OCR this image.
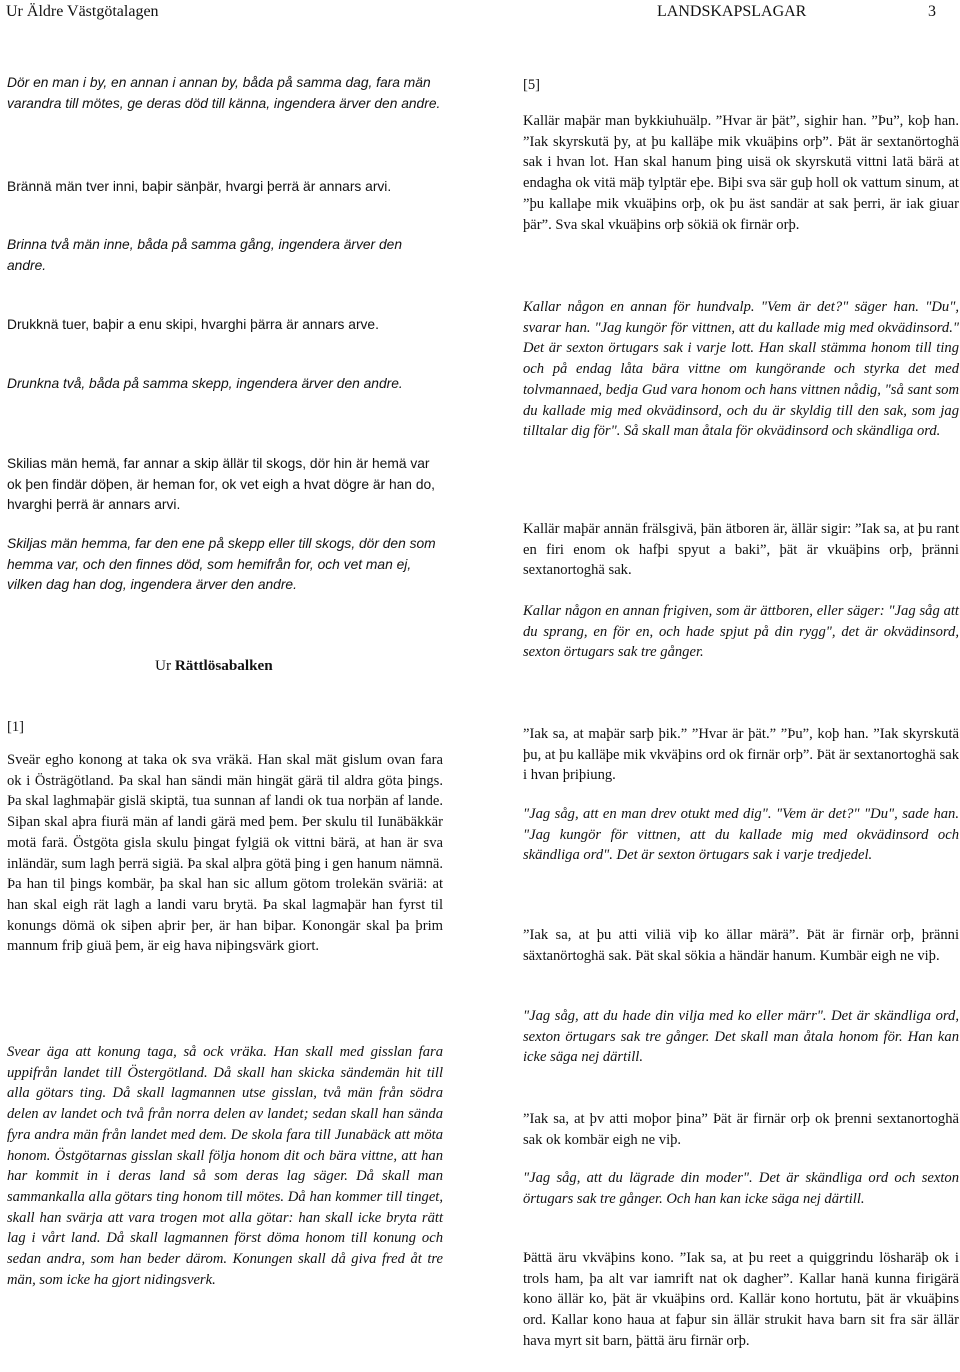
Ur Äldre Västgötalagen	LANDSKAPSLAGAR	3

Dör en man i by, en annan i annan by, båda på samma dag, fara män varandra till mötes, ge deras död till känna, ingendera ärver den andre.

Brännä män tver inni, baþir sänþär, hvargi þerrä är annars arvi.

Brinna två män inne, båda på samma gång, ingendera ärver den andre.

Drukknä tuer, baþir a enu skipi, hvarghi þärra är annars arve.

Drunkna två, båda på samma skepp, ingendera ärver den andre.

Skilias män hemä, far annar a skip ällär til skogs, dör hin är hemä var ok þen findär döþen, är heman for, ok vet eigh a hvat dögre är han do, hvarghi þerrä är annars arvi.

Skiljas män hemma, far den ene på skepp eller till skogs, dör den som hemma var, och den finnes död, som hemifrån for, och vet man ej, vilken dag han dog, ingendera ärver den andre.

Ur Rättlösabalken
[1]

Sveär egho konong at taka ok sva vräkä. Han skal mät gislum ovan fara ok i Östrägötland. Þa skal han sändi män hingät gärä til aldra göta þings. Þa skal laghmaþär gislä skiptä, tua sunnan af landi ok tua norþän af lande. Siþan skal aþra fiurä män af landi gärä med þem. Þer skulu til Iunäbäkkär motä farä. Östgöta gisla skulu þingat fylgiä ok vittni bärä, at han är sva inländär, sum lagh þerrä sigiä. Þa skal alþra götä þing i gen hanum nämnä. Þa han til þings kombär, þa skal han sic allum götom trolekän sväriä: at han skal eigh rät lagh a landi varu brytä. Þa skal lagmaþär han fyrst til konungs dömä ok siþen aþrir þer, är han biþar. Konongär skal þa þrim mannum friþ giuä þem, är eig hava niþingsvärk giort.

Svear äga att konung taga, så ock vräka. Han skall med gisslan fara uppifrån landet till Östergötland. Då skall han skicka sändemän hit till alla götars ting. Då skall lagmannen utse gisslan, två män från södra delen av landet och två från norra delen av landet; sedan skall han sända fyra andra män från landet med dem. De skola fara till Junabäck att möta honom. Östgötarnas gisslan skall följa honom dit och bära vittne, att han har kommit in i deras land så som deras lag säger. Då skall man sammankalla alla götars ting honom till mötes. Då han kommer till tinget, skall han svärja att vara trogen mot alla götar: han skall icke bryta rätt lag i vårt land. Då skall lagmannen först döma honom till konung och sedan andra, som han beder därom. Konungen skall då giva fred åt tre män, som icke ha gjort nidingsverk.

[5]

Kallär maþär man bykkiuhuälp. ”Hvar är þät”, sighir han. ”Þu”, koþ han. ”Iak skyrskutä þy, at þu kalläþe mik vkuäþins orþ”. Þät är sextanörtoghä sak i hvan lot. Han skal hanum þing uisä ok skyrskutä vittni latä bärä at endagha ok vitä mäþ tylptär eþe. Biþi sva sär guþ holl ok vattum sinum, at ”þu kallaþe mik vkuäþins orþ, ok þu äst sandär at sak þerri, är iak giuar þär”. Sva skal vkuäþins orþ sökiä ok firnär orþ.

Kallar någon en annan för hundvalp. "Vem är det?" säger han. "Du", svarar han. "Jag kungör för vittnen, att du kallade mig med okvädinsord." Det är sexton örtugars sak i varje lott. Han skall stämma honom till ting och på endag låta bära vittne om kungörande och styrka det med tolvmannaed, bedja Gud vara honom och hans vittnen nådig, "så sant som du kallade mig med okvädinsord, och du är skyldig till den sak, som jag tilltalar dig för". Så skall man åtala för okvädinsord och skändliga ord.

Kallär maþär annän frälsgivä, þän ätboren är, ällär sigir: ”Iak sa, at þu rant en firi enom ok hafþi spyut a baki”, þät är vkuäþins orþ, þränni sextanortoghä sak.

Kallar någon en annan frigiven, som är ättboren, eller säger: "Jag såg att du sprang, en för en, och hade spjut på din rygg", det är okvädinsord, sexton örtugars sak tre gånger.

”Iak sa, at maþär sarþ þik.” ”Hvar är þät.” ”Þu”, koþ han. ”Iak skyrskutä þu, at þu kalläþe mik vkväþins ord ok firnär orþ”. Þät är sextanortoghä sak i hvan þriþiung.

"Jag såg, att en man drev otukt med dig". "Vem är det?" "Du", sade han. "Jag kungör för vittnen, att du kallade mig med okvädinsord och skändliga ord". Det är sexton örtugars sak i varje tredjedel.

”Iak sa, at þu atti viliä viþ ko ällar märä”. Þät är firnär orþ, þränni säxtanörtoghä sak. Þät skal sökia a händär hanum. Kumbär eigh ne viþ.

"Jag såg, att du hade din vilja med ko eller märr". Det är skändliga ord, sexton örtugars sak tre gånger. Det skall man åtala honom för. Han kan icke säga nej därtill.

”Iak sa, at þv atti moþor þina” Þät är firnär orþ ok þrenni sextanortoghä sak ok kombär eigh ne viþ.

"Jag såg, att du lägrade din moder". Det är skändliga ord och sexton örtugars sak tre gånger. Och han kan icke säga nej därtill.

Þättä äru vkväþins kono. ”Iak sa, at þu reet a quiggrindu lösharäþ ok i trols ham, þa alt var iamrift nat ok dagher”. Kallar hanä kunna firigärä kono ällär ko, þät är vkuäþins ord. Kallär kono hortutu, þät är vkuäþins ord. Kallar kono haua at faþur sin ällär strukit hava barn sit fra sär ällär hava myrt sit barn, þättä äru firnär orþ.
